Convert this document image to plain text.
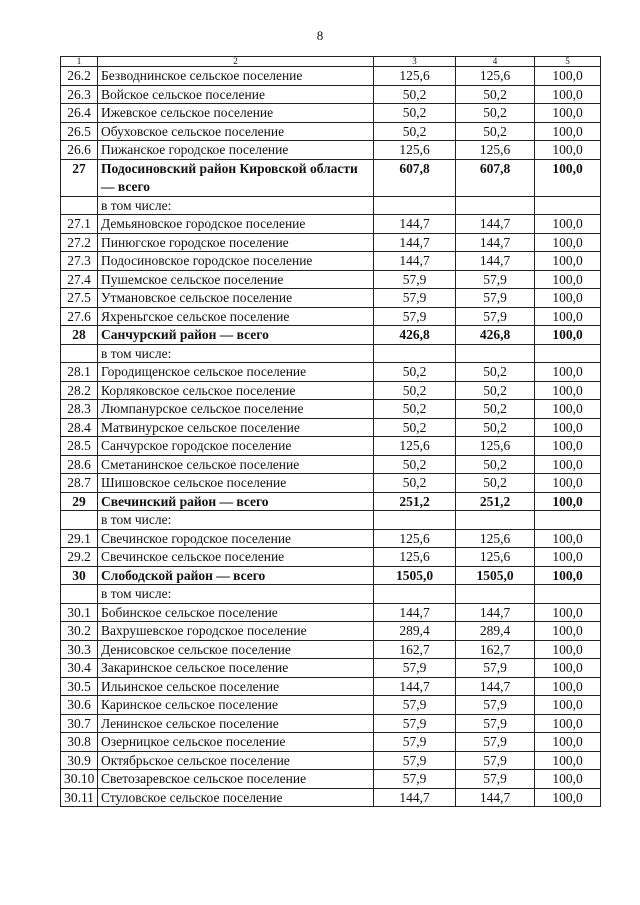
8
1	2	3	4	5
26.2	Безводнинское сельское поселение	125,6	125,6	100,0
26.3	Войское сельское поселение	50,2	50,2	100,0
26.4	Ижевское сельское поселение	50,2	50,2	100,0
26.5	Обуховское сельское поселение	50,2	50,2	100,0
26.6	Пижанское городское поселение	125,6	125,6	100,0
27	Подосиновский район Кировской области — всего	607,8	607,8	100,0
	в том числе:			
27.1	Демьяновское городское поселение	144,7	144,7	100,0
27.2	Пинюгское городское поселение	144,7	144,7	100,0
27.3	Подосиновское городское поселение	144,7	144,7	100,0
27.4	Пушемское сельское поселение	57,9	57,9	100,0
27.5	Утмановское сельское поселение	57,9	57,9	100,0
27.6	Яхреньгское сельское поселение	57,9	57,9	100,0
28	Санчурский район — всего	426,8	426,8	100,0
	в том числе:			
28.1	Городищенское сельское поселение	50,2	50,2	100,0
28.2	Корляковское сельское поселение	50,2	50,2	100,0
28.3	Люмпанурское сельское поселение	50,2	50,2	100,0
28.4	Матвинурское сельское поселение	50,2	50,2	100,0
28.5	Санчурское городское поселение	125,6	125,6	100,0
28.6	Сметанинское сельское поселение	50,2	50,2	100,0
28.7	Шишовское сельское поселение	50,2	50,2	100,0
29	Свечинский район — всего	251,2	251,2	100,0
	в том числе:			
29.1	Свечинское городское поселение	125,6	125,6	100,0
29.2	Свечинское сельское поселение	125,6	125,6	100,0
30	Слободской район — всего	1505,0	1505,0	100,0
	в том числе:			
30.1	Бобинское сельское поселение	144,7	144,7	100,0
30.2	Вахрушевское городское поселение	289,4	289,4	100,0
30.3	Денисовское сельское поселение	162,7	162,7	100,0
30.4	Закаринское сельское поселение	57,9	57,9	100,0
30.5	Ильинское сельское поселение	144,7	144,7	100,0
30.6	Каринское сельское поселение	57,9	57,9	100,0
30.7	Ленинское сельское поселение	57,9	57,9	100,0
30.8	Озерницкое сельское поселение	57,9	57,9	100,0
30.9	Октябрьское сельское поселение	57,9	57,9	100,0
30.10	Светозаревское сельское поселение	57,9	57,9	100,0
30.11	Стуловское сельское поселение	144,7	144,7	100,0
